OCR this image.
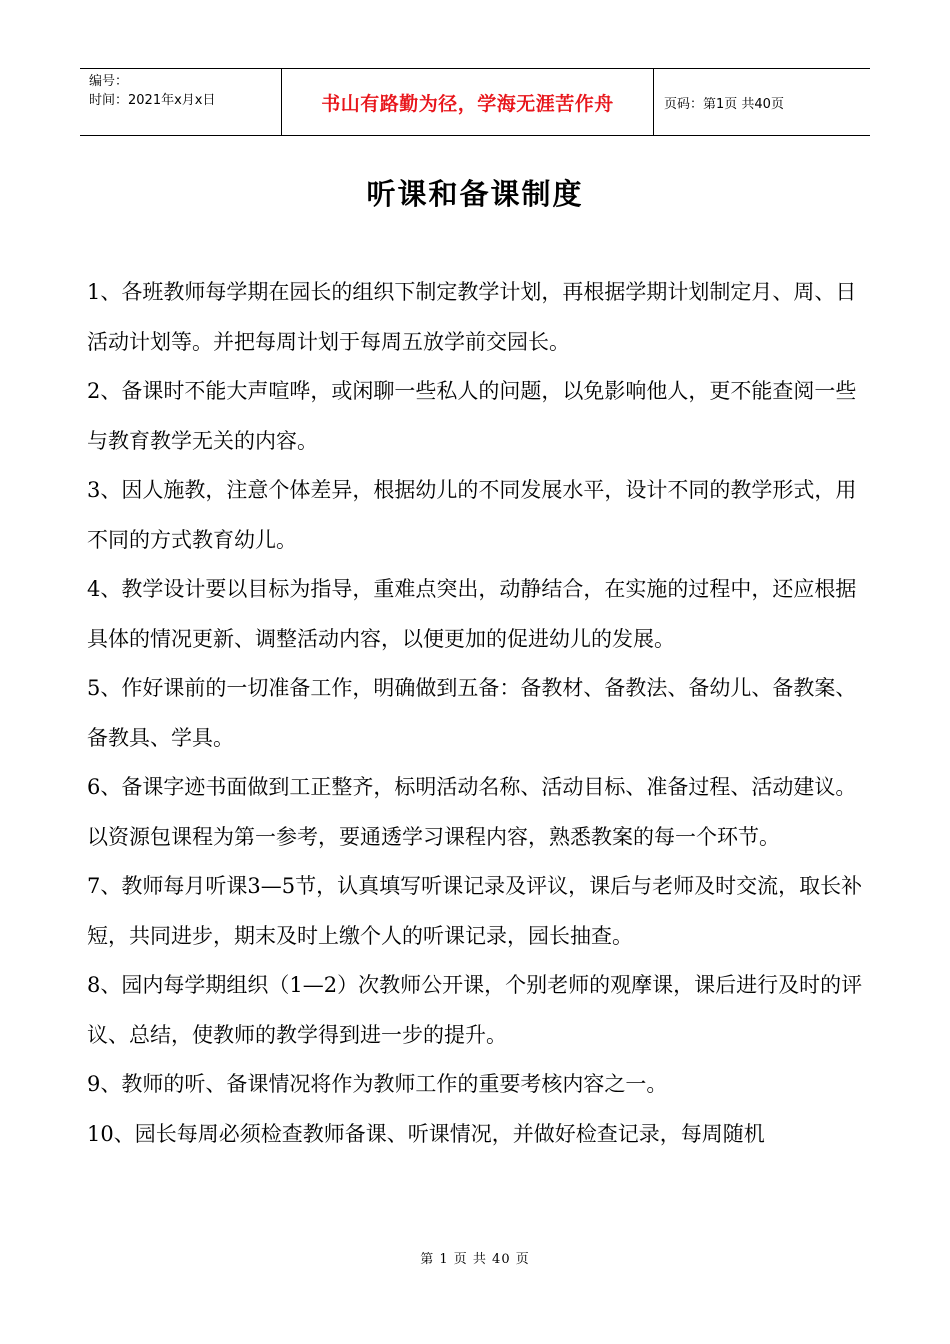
编号：
时间：2021年x月x日	书山有路勤为径，学海无涯苦作舟	页码：第1页 共40页
听课和备课制度

1、各班教师每学期在园长的组织下制定教学计划，再根据学期计划制定月、周、日活动计划等。并把每周计划于每周五放学前交园长。

2、备课时不能大声喧哗，或闲聊一些私人的问题，以免影响他人，更不能查阅一些与教育教学无关的内容。

3、因人施教，注意个体差异，根据幼儿的不同发展水平，设计不同的教学形式，用不同的方式教育幼儿。

4、教学设计要以目标为指导，重难点突出，动静结合，在实施的过程中，还应根据具体的情况更新、调整活动内容，以便更加的促进幼儿的发展。

5、作好课前的一切准备工作，明确做到五备：备教材、备教法、备幼儿、备教案、备教具、学具。

6、备课字迹书面做到工正整齐，标明活动名称、活动目标、准备过程、活动建议。以资源包课程为第一参考，要通透学习课程内容，熟悉教案的每一个环节。

7、教师每月听课3—5节，认真填写听课记录及评议，课后与老师及时交流，取长补短，共同进步，期末及时上缴个人的听课记录，园长抽查。

8、园内每学期组织（1—2）次教师公开课，个别老师的观摩课，课后进行及时的评议、总结，使教师的教学得到进一步的提升。

9、教师的听、备课情况将作为教师工作的重要考核内容之一。

10、园长每周必须检查教师备课、听课情况，并做好检查记录，每周随机

第 1 页 共 40 页
